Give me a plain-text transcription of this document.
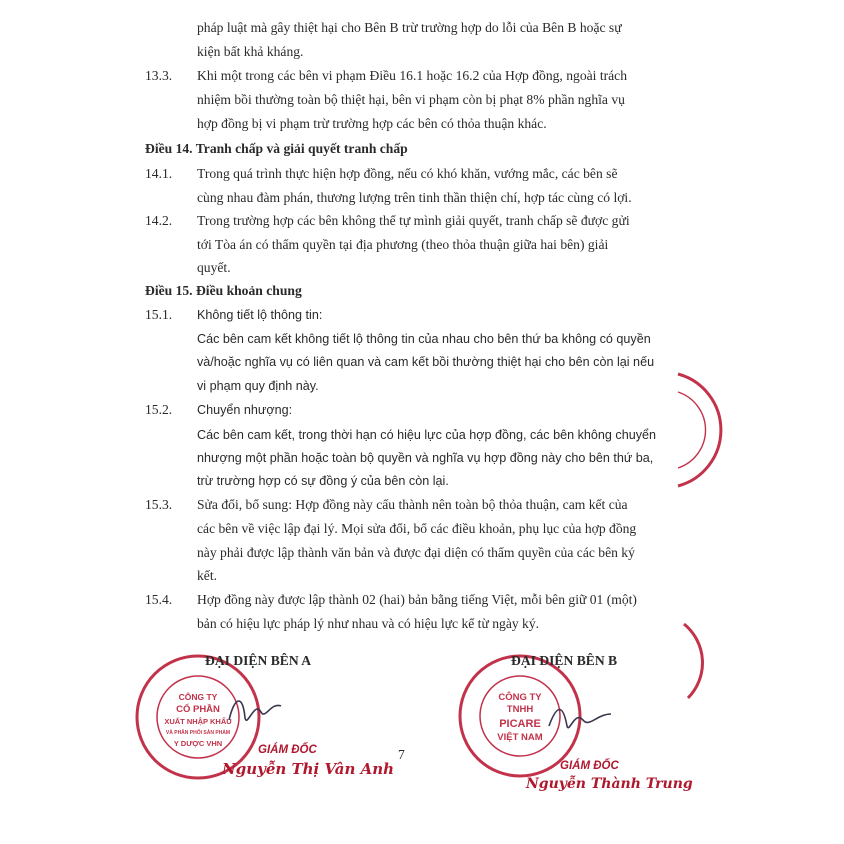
pháp luật mà gây thiệt hại cho Bên B trừ trường hợp do lỗi của Bên B hoặc sự
kiện bất khả kháng.
13.3. Khi một trong các bên vi phạm Điều 16.1 hoặc 16.2 của Hợp đồng, ngoài trách
nhiệm bồi thường toàn bộ thiệt hại, bên vi phạm còn bị phạt 8% phần nghĩa vụ
hợp đồng bị vi phạm trừ trường hợp các bên có thỏa thuận khác.
Điều 14. Tranh chấp và giải quyết tranh chấp
14.1. Trong quá trình thực hiện hợp đồng, nếu có khó khăn, vướng mắc, các bên sẽ
cùng nhau đàm phán, thương lượng trên tinh thần thiện chí, hợp tác cùng có lợi.
14.2. Trong trường hợp các bên không thể tự mình giải quyết, tranh chấp sẽ được gửi
tới Tòa án có thẩm quyền tại địa phương (theo thỏa thuận giữa hai bên) giải
quyết.
Điều 15. Điều khoản chung
15.1. Không tiết lộ thông tin:
Các bên cam kết không tiết lộ thông tin của nhau cho bên thứ ba không có quyền
và/hoặc nghĩa vụ có liên quan và cam kết bồi thường thiệt hại cho bên còn lại nếu
vi phạm quy định này.
15.2. Chuyển nhượng:
Các bên cam kết, trong thời hạn có hiệu lực của hợp đồng, các bên không chuyển
nhượng một phần hoặc toàn bộ quyền và nghĩa vụ hợp đồng này cho bên thứ ba,
trừ trường hợp có sự đồng ý của bên còn lại.
15.3. Sửa đổi, bổ sung: Hợp đồng này cấu thành nên toàn bộ thỏa thuận, cam kết của
các bên về việc lập đại lý. Mọi sửa đổi, bổ các điều khoản, phụ lục của hợp đồng
này phải được lập thành văn bản và được đại diện có thẩm quyền của các bên ký
kết.
15.4. Hợp đồng này được lập thành 02 (hai) bản bằng tiếng Việt, mỗi bên giữ 01 (một)
bản có hiệu lực pháp lý như nhau và có hiệu lực kể từ ngày ký.
CÔNG TY
CỔ PHẦN
XUẤT NHẬP KHẨU
VÀ PHÂN PHỐI SẢN PHẨM
Y DƯỢC VHN
CÔNG TY
TNHH
PICARE
VIỆT NAM
ĐẠI DIỆN BÊN A	ĐẠI DIỆN BÊN B
GIÁM ĐỐC
Nguyễn Thị Vân Anh
7
GIÁM ĐỐC
Nguyễn Thành Trung
